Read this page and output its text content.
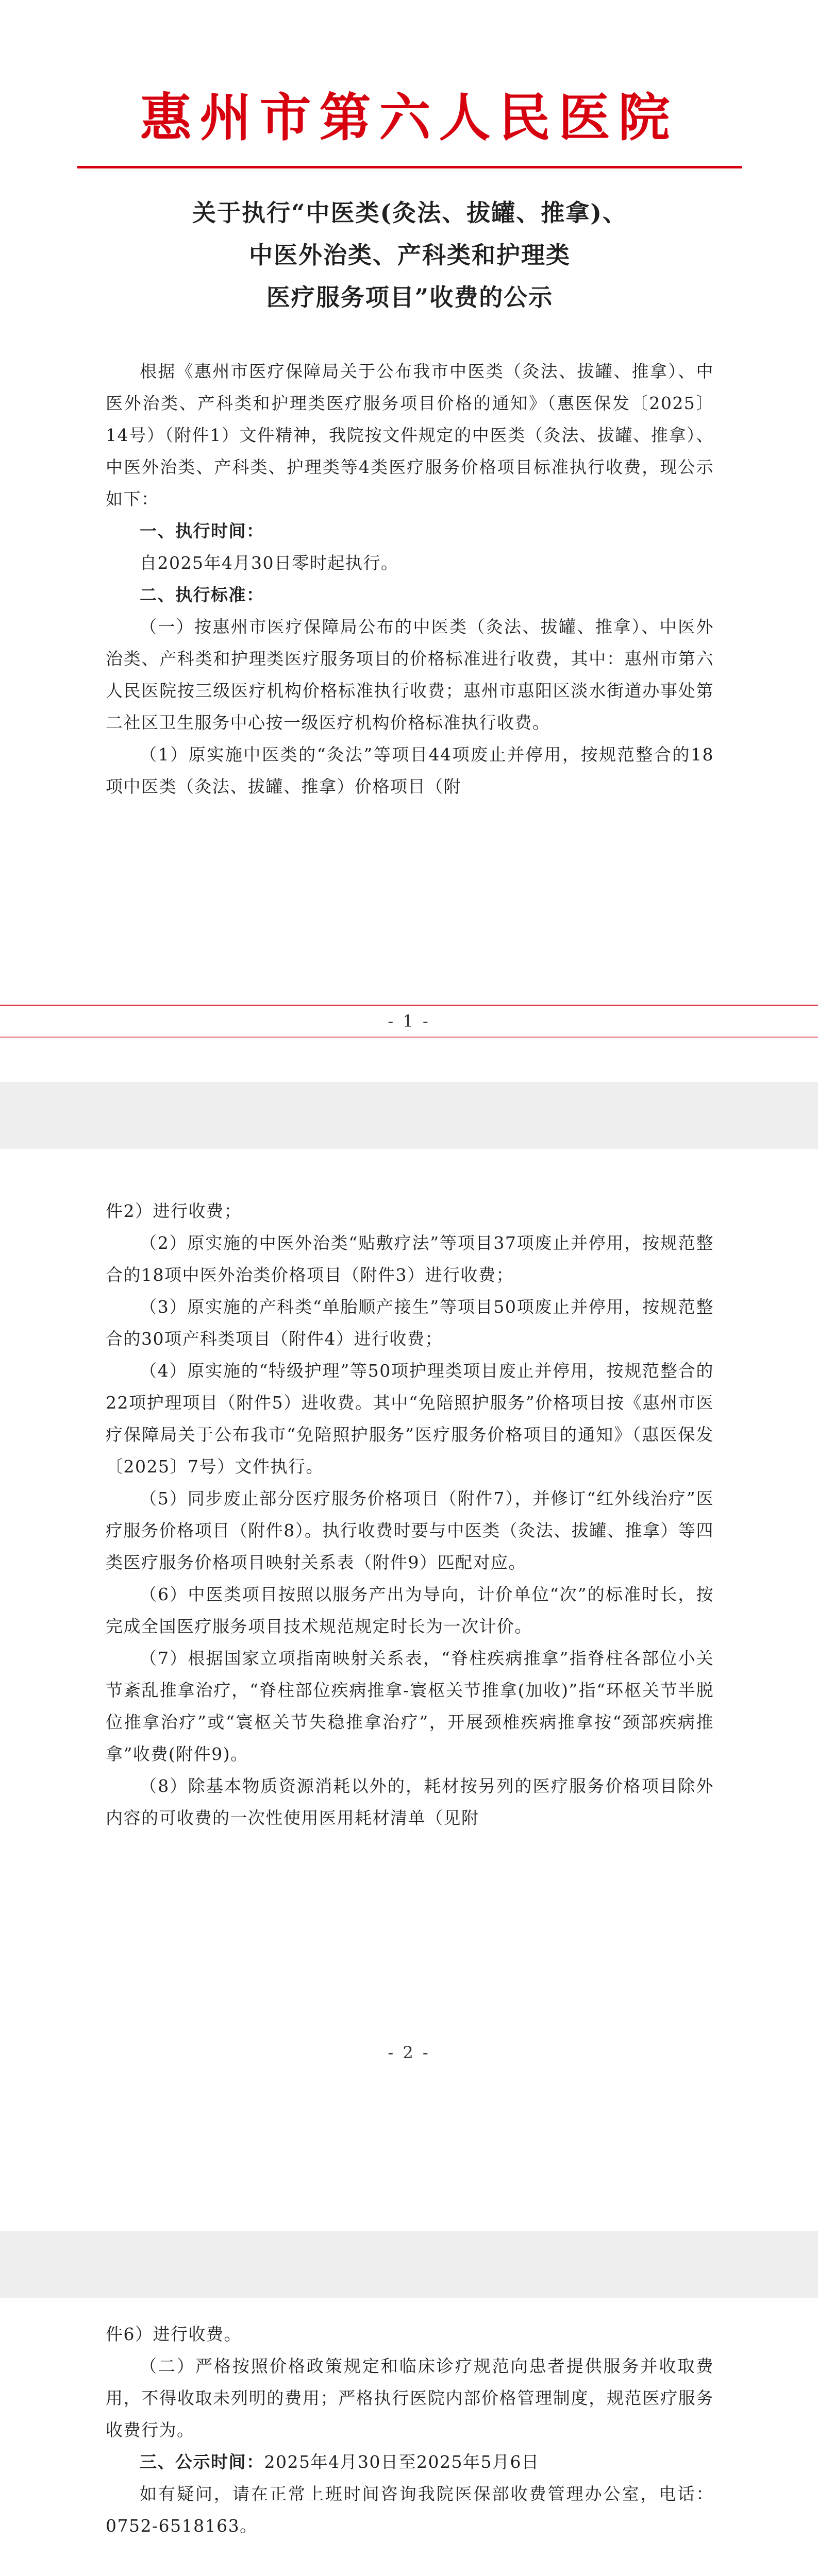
惠州市第六人民医院
关于执行“中医类(灸法、拔罐、推拿)、
中医外治类、产科类和护理类
医疗服务项目”收费的公示

根据《惠州市医疗保障局关于公布我市中医类（灸法、拔罐、推拿）、中医外治类、产科类和护理类医疗服务项目价格的通知》（惠医保发〔2025〕14号）（附件1）文件精神，我院按文件规定的中医类（灸法、拔罐、推拿）、中医外治类、产科类、护理类等4类医疗服务价格项目标准执行收费，现公示如下：

一、执行时间：

自2025年4月30日零时起执行。

二、执行标准：

（一）按惠州市医疗保障局公布的中医类（灸法、拔罐、推拿）、中医外治类、产科类和护理类医疗服务项目的价格标准进行收费，其中：惠州市第六人民医院按三级医疗机构价格标准执行收费；惠州市惠阳区淡水街道办事处第二社区卫生服务中心按一级医疗机构价格标准执行收费。

（1）原实施中医类的“灸法”等项目44项废止并停用，按规范整合的18项中医类（灸法、拔罐、推拿）价格项目（附

- 1 -

件2）进行收费；

（2）原实施的中医外治类“贴敷疗法”等项目37项废止并停用，按规范整合的18项中医外治类价格项目（附件3）进行收费；

（3）原实施的产科类“单胎顺产接生”等项目50项废止并停用，按规范整合的30项产科类项目（附件4）进行收费；

（4）原实施的“特级护理”等50项护理类项目废止并停用，按规范整合的22项护理项目（附件5）进收费。其中“免陪照护服务”价格项目按《惠州市医疗保障局关于公布我市“免陪照护服务”医疗服务价格项目的通知》（惠医保发〔2025〕7号）文件执行。

（5）同步废止部分医疗服务价格项目（附件7），并修订“红外线治疗”医疗服务价格项目（附件8）。执行收费时要与中医类（灸法、拔罐、推拿）等四类医疗服务价格项目映射关系表（附件9）匹配对应。

（6）中医类项目按照以服务产出为导向，计价单位“次”的标准时长，按完成全国医疗服务项目技术规范规定时长为一次计价。

（7）根据国家立项指南映射关系表，“脊柱疾病推拿”指脊柱各部位小关节紊乱推拿治疗，“脊柱部位疾病推拿-寰枢关节推拿(加收)”指“环枢关节半脱位推拿治疗”或“寰枢关节失稳推拿治疗”，开展颈椎疾病推拿按“颈部疾病推拿”收费(附件9)。

（8）除基本物质资源消耗以外的，耗材按另列的医疗服务价格项目除外内容的可收费的一次性使用医用耗材清单（见附

- 2 -

件6）进行收费。

（二）严格按照价格政策规定和临床诊疗规范向患者提供服务并收取费用，不得收取未列明的费用；严格执行医院内部价格管理制度，规范医疗服务收费行为。

三、公示时间：2025年4月30日至2025年5月6日

如有疑问，请在正常上班时间咨询我院医保部收费管理办公室，电话：0752-6518163。
